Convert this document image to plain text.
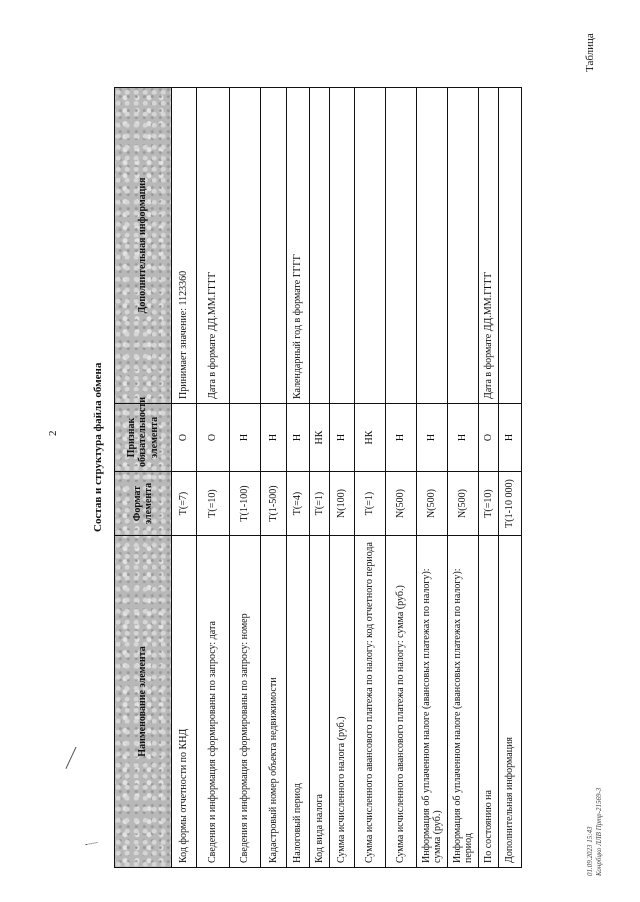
2
Таблица
Состав и структура файла обмена
Наименование элемента	Формат элемента	Признак обязательности элемента	Дополнительная информация
Код формы отчетности по КНД	T(=7)	О	Принимает значение: 1123360
Сведения и информация сформированы по запросу: дата	T(=10)	О	Дата в формате ДД.ММ.ГГГГ
Сведения и информация сформированы по запросу: номер	T(1-100)	Н	
Кадастровый номер объекта недвижимости	T(1-500)	Н	
Налоговый период	T(=4)	Н	Календарный год в формате ГГГГ
Код вида налога	T(=1)	НК	
Сумма исчисленного налога (руб.)	N(100)	Н	
Сумма исчисленного авансового платежа по налогу: код отчетного периода	T(=1)	НК	
Сумма исчисленного авансового платежа по налогу: сумма (руб.)	N(500)	Н	
Информация об уплаченном налоге (авансовых платежах по налогу): сумма (руб.)	N(500)	Н	
Информация об уплаченном налоге (авансовых платежах по налогу): период	N(500)	Н	
По состоянию на	T(=10)	О	Дата в формате ДД.ММ.ГГГГ
Дополнительная информация	T(1-10 000)	Н	
01.09.2023 15:43 Конрбцко ЛЛВ Пртр-21569-3
